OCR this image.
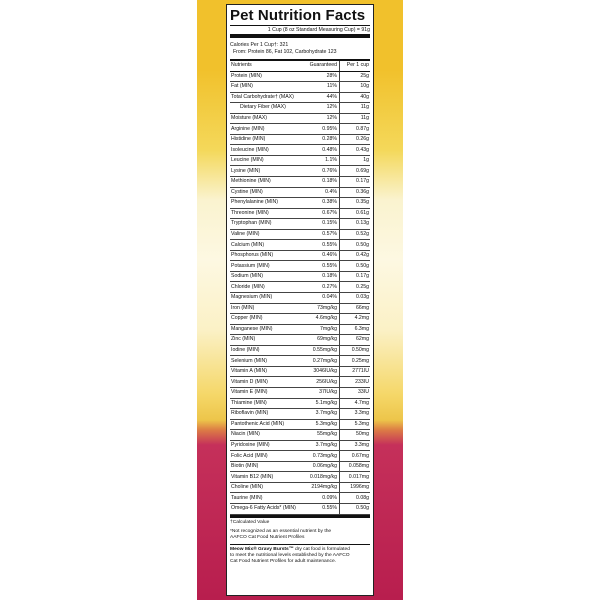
Pet Nutrition Facts
1 Cup (8 oz Standard Measuring Cup) = 91g
Calories Per 1 Cup†: 321
From: Protein 86, Fat 102, Carbohydrate 123
Nutrients	Guaranteed	Per 1 cup
Protein (MIN)	28%	25g
Fat (MIN)	11%	10g
Total Carbohydrate† (MAX)	44%	40g
Dietary Fiber (MAX)	12%	11g
Moisture (MAX)	12%	11g
Arginine (MIN)	0.95%	0.87g
Histidine (MIN)	0.28%	0.26g
Isoleucine (MIN)	0.48%	0.43g
Leucine (MIN)	1.1%	1g
Lysine (MIN)	0.76%	0.69g
Methionine (MIN)	0.18%	0.17g
Cystine (MIN)	0.4%	0.36g
Phenylalanine (MIN)	0.38%	0.35g
Threonine (MIN)	0.67%	0.61g
Tryptophan (MIN)	0.15%	0.13g
Valine (MIN)	0.57%	0.52g
Calcium (MIN)	0.55%	0.50g
Phosphorus (MIN)	0.46%	0.42g
Potassium (MIN)	0.55%	0.50g
Sodium (MIN)	0.18%	0.17g
Chloride (MIN)	0.27%	0.25g
Magnesium (MIN)	0.04%	0.03g
Iron (MIN)	73mg/kg	66mg
Copper (MIN)	4.6mg/kg	4.2mg
Manganese (MIN)	7mg/kg	6.3mg
Zinc (MIN)	69mg/kg	62mg
Iodine (MIN)	0.55mg/kg	0.50mg
Selenium (MIN)	0.27mg/kg	0.25mg
Vitamin A (MIN)	3046IU/kg	2771IU
Vitamin D (MIN)	256IU/kg	233IU
Vitamin E (MIN)	37IU/kg	33IU
Thiamine (MIN)	5.1mg/kg	4.7mg
Riboflavin (MIN)	3.7mg/kg	3.3mg
Pantothenic Acid (MIN)	5.3mg/kg	5.3mg
Niacin (MIN)	55mg/kg	50mg
Pyridoxine (MIN)	3.7mg/kg	3.3mg
Folic Acid (MIN)	0.73mg/kg	0.67mg
Biotin (MIN)	0.06mg/kg	0.058mg
Vitamin B12 (MIN)	0.018mg/kg	0.017mg
Choline (MIN)	2194mg/kg	1996mg
Taurine (MIN)	0.09%	0.08g
Omega-6 Fatty Acids* (MIN)	0.55%	0.50g
†Calculated Value
*Not recognized as an essential nutrient by the
AAFCO Cat Food Nutrient Profiles
Meow Mix® Gravy Bursts™ dry cat food is formulated
to meet the nutritional levels established by the AAFCO
Cat Food Nutrient Profiles for adult maintenance.
